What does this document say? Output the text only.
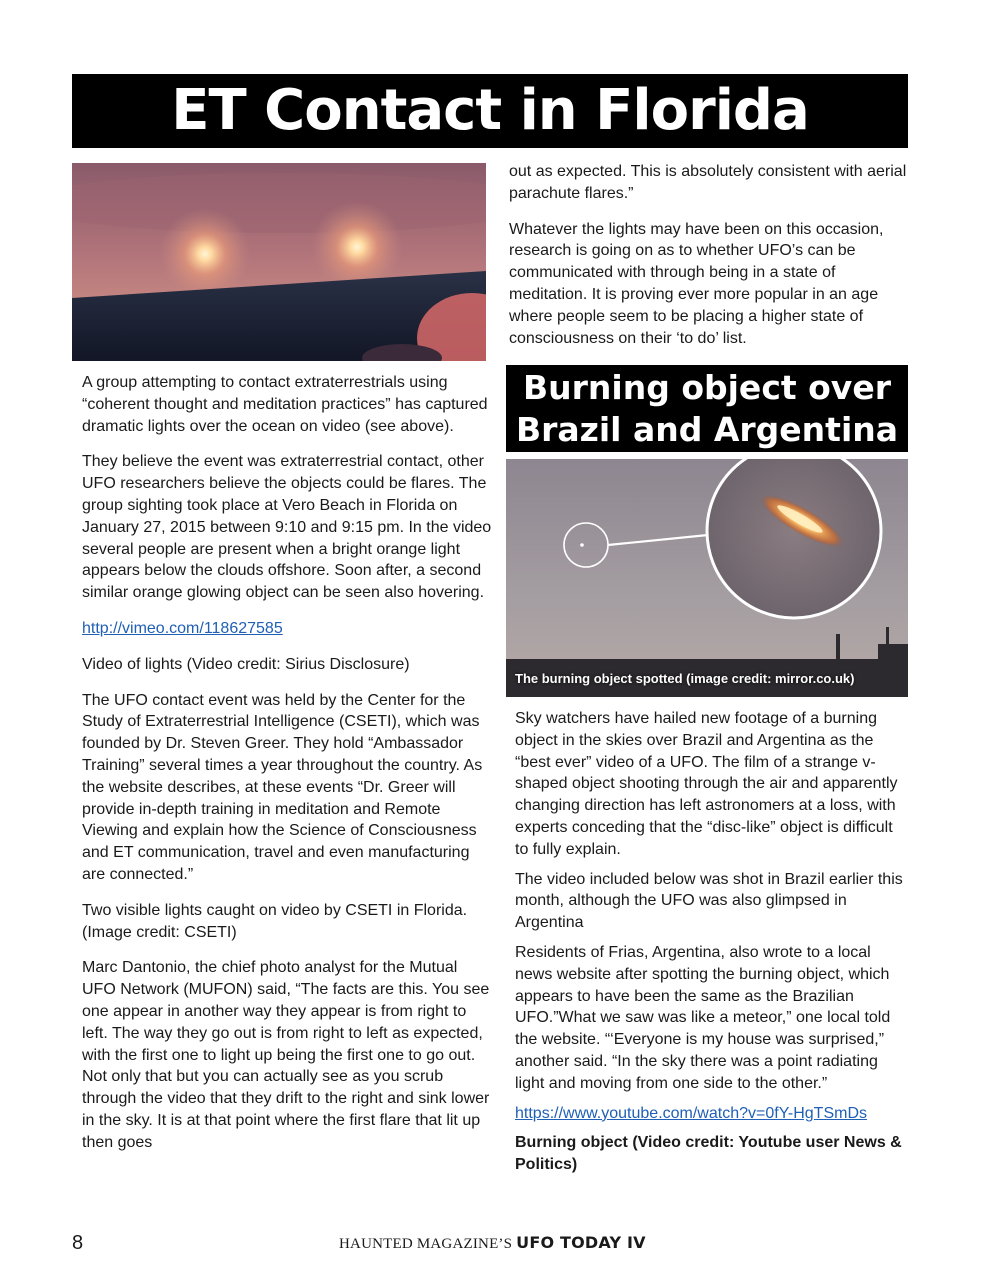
ET Contact in Florida

A group attempting to contact extraterrestrials using “coherent thought and meditation practices” has captured dramatic lights over the ocean on video (see above).

They believe the event was extraterrestrial contact, other UFO researchers believe the objects could be flares. The group sighting took place at Vero Beach in Florida on January 27, 2015 between 9:10 and 9:15 pm. In the video several people are present when a bright orange light appears below the clouds offshore. Soon after, a second similar orange glowing object can be seen also hovering.

http://vimeo.com/118627585

Video of lights (Video credit: Sirius Disclosure)

The UFO contact event was held by the Center for the Study of Extraterrestrial Intelligence (CSETI), which was founded by Dr. Steven Greer. They hold “Ambassador Training” several times a year throughout the country. As the website describes, at these events “Dr. Greer will provide in-depth training in meditation and Remote Viewing and explain how the Science of Consciousness and ET communication, travel and even manufacturing are connected.”

Two visible lights caught on video by CSETI in Florida. (Image credit: CSETI)

Marc Dantonio, the chief photo analyst for the Mutual UFO Network (MUFON) said, “The facts are this. You see one appear in another way they appear is from right to left. The way they go out is from right to left as expected, with the first one to light up being the first one to go out. Not only that but you can actually see as you scrub through the video that they drift to the right and sink lower in the sky. It is at that point where the first flare that lit up then goes

out as expected. This is absolutely consistent with aerial parachute flares.”

Whatever the lights may have been on this occasion, research is going on as to whether UFO’s can be communicated with through being in a state of meditation. It is proving ever more popular in an age where people seem to be placing a higher state of consciousness on their ‘to do’ list.

Burning object over
Brazil and Argentina
The burning object spotted (image credit: mirror.co.uk)

Sky watchers have hailed new footage of a burning object in the skies over Brazil and Argentina as the “best ever” video of a UFO. The film of a strange v-shaped object shooting through the air and apparently changing direction has left astronomers at a loss, with experts conceding that the “disc-like” object is difficult to fully explain.

The video included below was shot in Brazil earlier this month, although the UFO was also glimpsed in Argentina

Residents of Frias, Argentina, also wrote to a local news website after spotting the burning object, which appears to have been the same as the Brazilian UFO.”What we saw was like a meteor,” one local told the website. “‘Everyone is my house was surprised,” another said. “In the sky there was a point radiating light and moving from one side to the other.”

https://www.youtube.com/watch?v=0fY-HgTSmDs

Burning object (Video credit: Youtube user News & Politics)

8	HAUNTED MAGAZINE’S UFO TODAY IV
